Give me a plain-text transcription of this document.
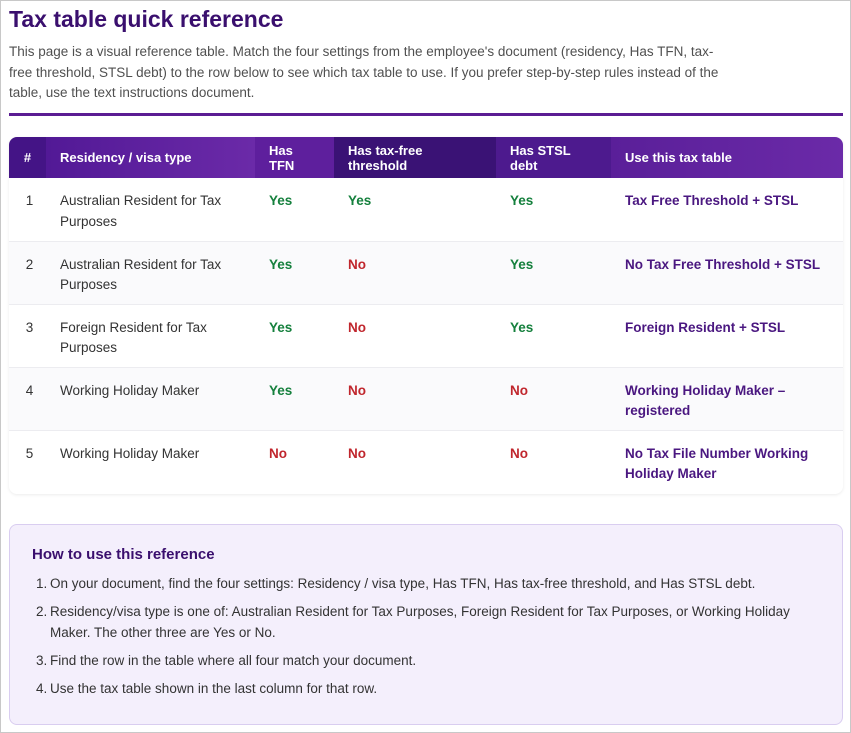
Tax table quick reference

This page is a visual reference table. Match the four settings from the employee's document (residency, Has TFN, tax-free threshold, STSL debt) to the row below to see which tax table to use. If you prefer step-by-step rules instead of the table, use the text instructions document.

#	Residency / visa type	Has TFN	Has tax-free threshold	Has STSL debt	Use this tax table
1	Australian Resident for Tax Purposes	Yes	Yes	Yes	Tax Free Threshold + STSL
2	Australian Resident for Tax Purposes	Yes	No	Yes	No Tax Free Threshold + STSL
3	Foreign Resident for Tax Purposes	Yes	No	Yes	Foreign Resident + STSL
4	Working Holiday Maker	Yes	No	No	Working Holiday Maker – registered
5	Working Holiday Maker	No	No	No	No Tax File Number Working Holiday Maker
How to use this reference
1. On your document, find the four settings: Residency / visa type, Has TFN, Has tax-free threshold, and Has STSL debt.
2. Residency/visa type is one of: Australian Resident for Tax Purposes, Foreign Resident for Tax Purposes, or Working Holiday Maker. The other three are Yes or No.
3. Find the row in the table where all four match your document.
4. Use the tax table shown in the last column for that row.
